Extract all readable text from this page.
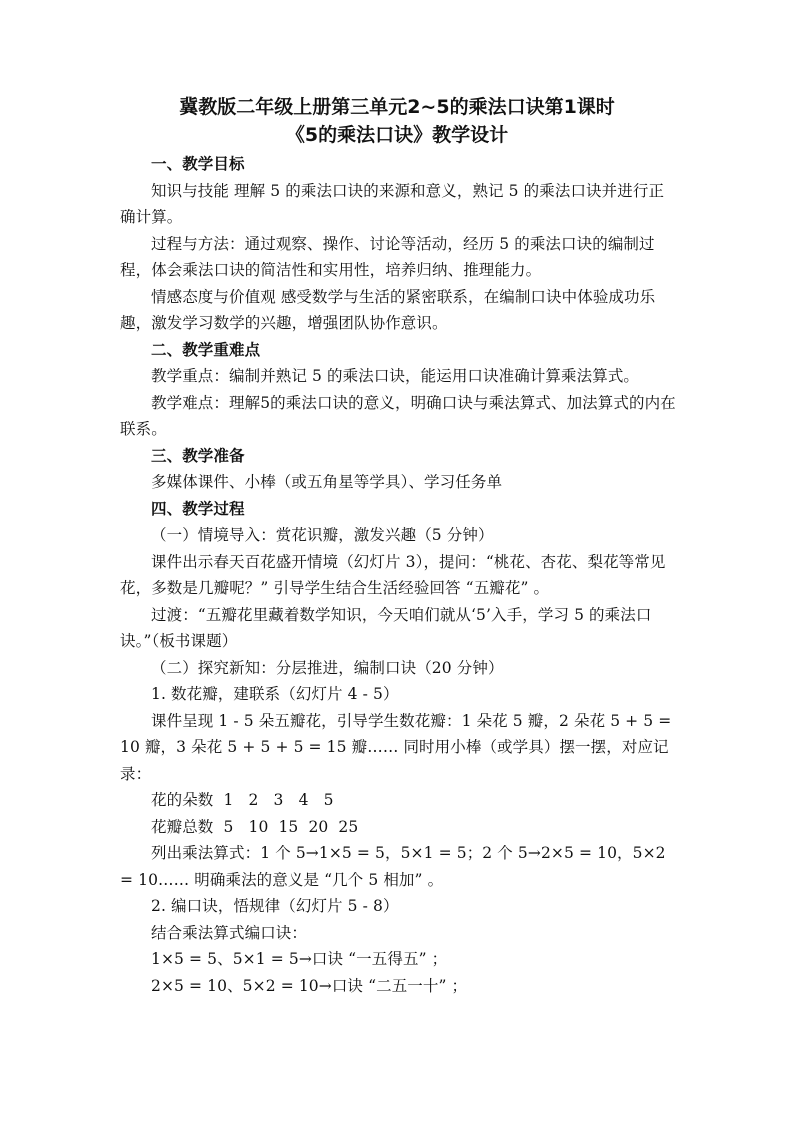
冀教版二年级上册第三单元2~5的乘法口诀第1课时
《5的乘法口诀》教学设计

一、教学目标

知识与技能 理解 5 的乘法口诀的来源和意义，熟记 5 的乘法口诀并进行正确计算。

过程与方法：通过观察、操作、讨论等活动，经历 5 的乘法口诀的编制过程，体会乘法口诀的简洁性和实用性，培养归纳、推理能力。

情感态度与价值观 感受数学与生活的紧密联系，在编制口诀中体验成功乐趣，激发学习数学的兴趣，增强团队协作意识。

二、教学重难点

教学重点：编制并熟记 5 的乘法口诀，能运用口诀准确计算乘法算式。

教学难点：理解5的乘法口诀的意义，明确口诀与乘法算式、加法算式的内在联系。

三、教学准备

多媒体课件、小棒（或五角星等学具）、学习任务单

四、教学过程

（一）情境导入：赏花识瓣，激发兴趣（5 分钟）

课件出示春天百花盛开情境（幻灯片 3），提问：“桃花、杏花、梨花等常见花，多数是几瓣呢？” 引导学生结合生活经验回答 “五瓣花” 。

过渡：“五瓣花里藏着数学知识，今天咱们就从‘5’入手，学习 5 的乘法口诀。”（板书课题）

（二）探究新知：分层推进，编制口诀（20 分钟）

1. 数花瓣，建联系（幻灯片 4 - 5）

课件呈现 1 - 5 朵五瓣花，引导学生数花瓣：1 朵花 5 瓣，2 朵花 5 + 5 = 10 瓣，3 朵花 5 + 5 + 5 = 15 瓣…… 同时用小棒（或学具）摆一摆，对应记录：

花的朵数  1   2   3   4   5

花瓣总数  5   10  15  20  25

列出乘法算式：1 个 5→1×5 = 5，5×1 = 5；2 个 5→2×5 = 10，5×2 = 10…… 明确乘法的意义是 “几个 5 相加” 。

2. 编口诀，悟规律（幻灯片 5 - 8）

结合乘法算式编口诀：

1×5 = 5、5×1 = 5→口诀 “一五得五” ；

2×5 = 10、5×2 = 10→口诀 “二五一十” ；
